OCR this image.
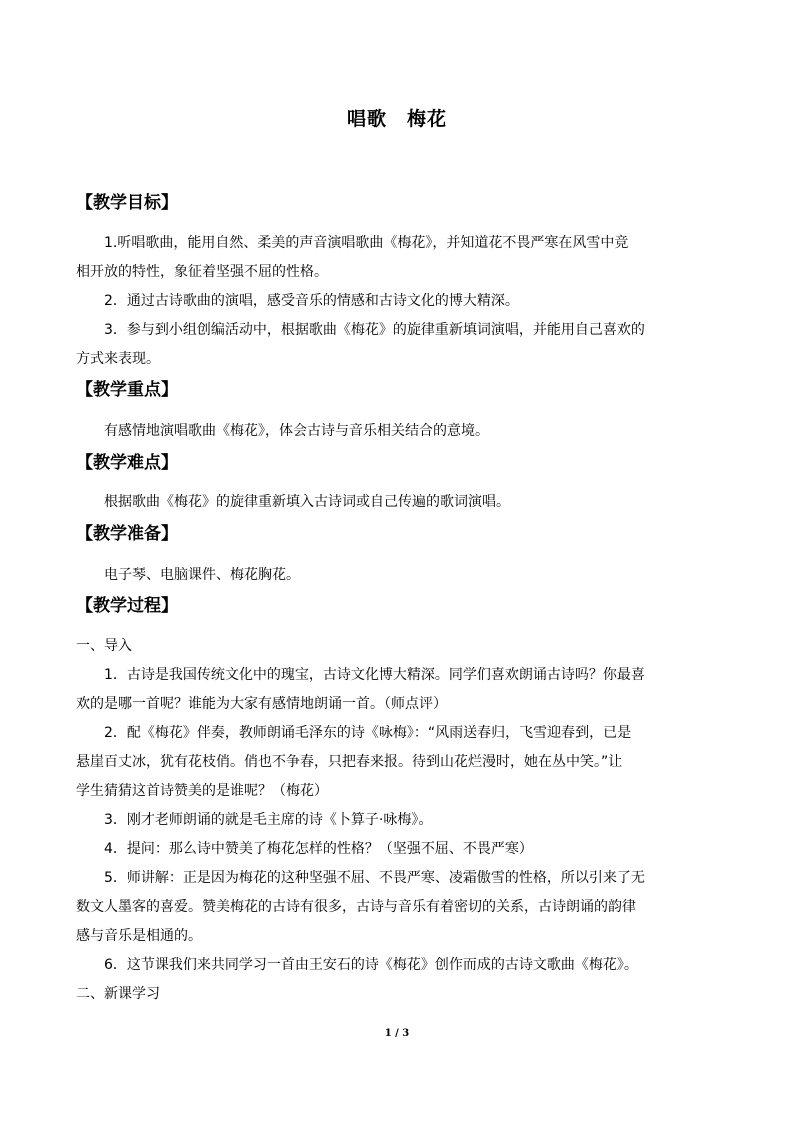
唱歌　梅花
【教学目标】
1.听唱歌曲，能用自然、柔美的声音演唱歌曲《梅花》，并知道花不畏严寒在风雪中竞
相开放的特性，象征着坚强不屈的性格。
2．通过古诗歌曲的演唱，感受音乐的情感和古诗文化的博大精深。
3．参与到小组创编活动中，根据歌曲《梅花》的旋律重新填词演唱，并能用自己喜欢的
方式来表现。
【教学重点】
有感情地演唱歌曲《梅花》，体会古诗与音乐相关结合的意境。
【教学难点】
根据歌曲《梅花》的旋律重新填入古诗词或自己传遍的歌词演唱。
【教学准备】
电子琴、电脑课件、梅花胸花。
【教学过程】
一、导入
1．古诗是我国传统文化中的瑰宝，古诗文化博大精深。同学们喜欢朗诵古诗吗？你最喜
欢的是哪一首呢？谁能为大家有感情地朗诵一首。（师点评）
2．配《梅花》伴奏，教师朗诵毛泽东的诗《咏梅》：“风雨送春归，飞雪迎春到，已是
悬崖百丈冰，犹有花枝俏。俏也不争春，只把春来报。待到山花烂漫时，她在丛中笑。”让
学生猜猜这首诗赞美的是谁呢？（梅花）
3．刚才老师朗诵的就是毛主席的诗《卜算子·咏梅》。
4．提问：那么诗中赞美了梅花怎样的性格？（坚强不屈、不畏严寒）
5．师讲解：正是因为梅花的这种坚强不屈、不畏严寒、凌霜傲雪的性格，所以引来了无
数文人墨客的喜爱。赞美梅花的古诗有很多，古诗与音乐有着密切的关系，古诗朗诵的韵律
感与音乐是相通的。
6．这节课我们来共同学习一首由王安石的诗《梅花》创作而成的古诗文歌曲《梅花》。
二、新课学习
1 / 3
